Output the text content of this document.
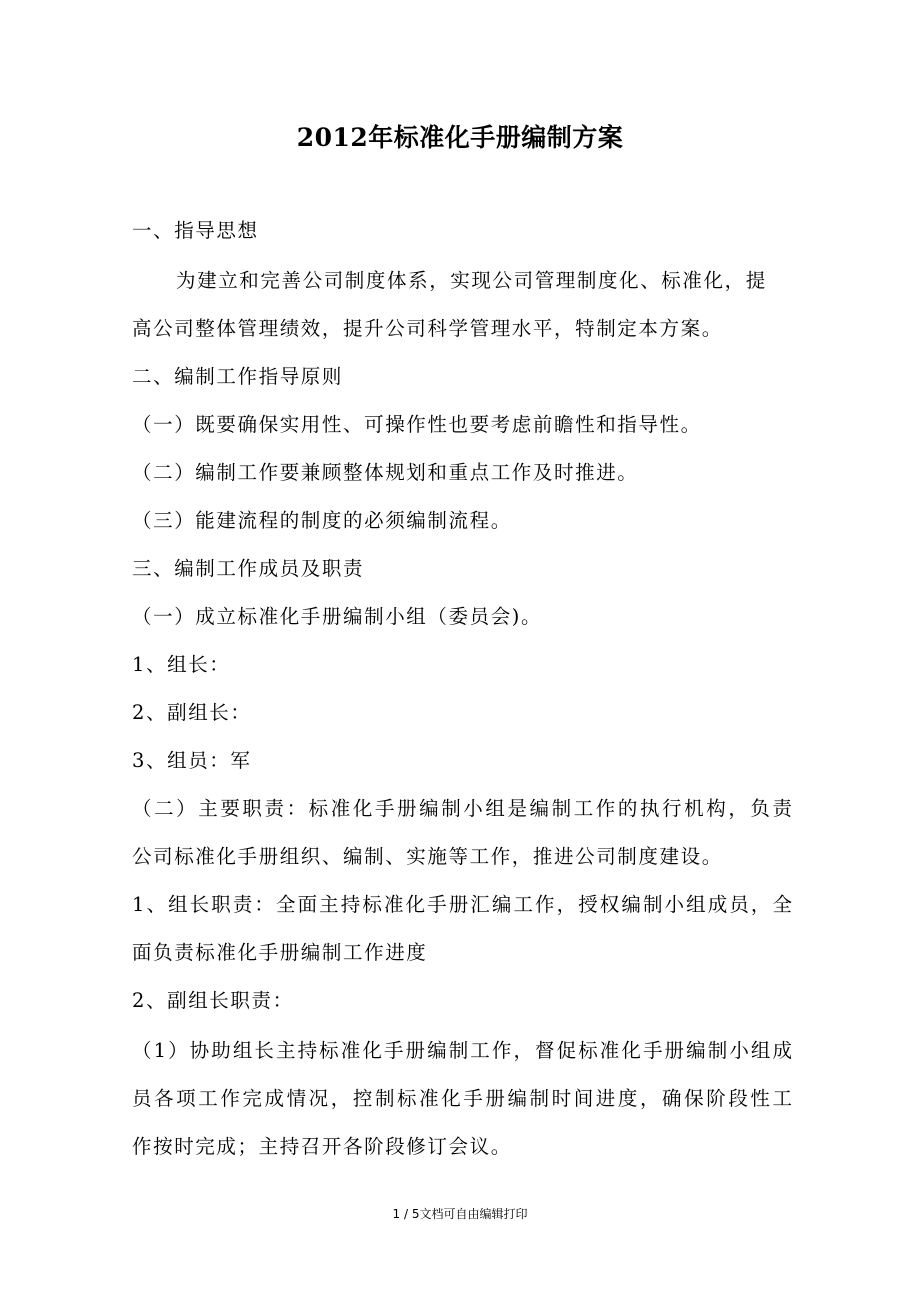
2012年标准化手册编制方案
一、指导思想
为建立和完善公司制度体系，实现公司管理制度化、标准化，提
高公司整体管理绩效，提升公司科学管理水平，特制定本方案。
二、编制工作指导原则
（一）既要确保实用性、可操作性也要考虑前瞻性和指导性。
（二）编制工作要兼顾整体规划和重点工作及时推进。
（三）能建流程的制度的必须编制流程。
三、编制工作成员及职责
（一）成立标准化手册编制小组（委员会)。
1、组长：
2、副组长：
3、组员：军
（二）主要职责：标准化手册编制小组是编制工作的执行机构，负责
公司标准化手册组织、编制、实施等工作，推进公司制度建设。
1、组长职责：全面主持标准化手册汇编工作，授权编制小组成员，全
面负责标准化手册编制工作进度
2、副组长职责：
（1）协助组长主持标准化手册编制工作，督促标准化手册编制小组成
员各项工作完成情况，控制标准化手册编制时间进度，确保阶段性工
作按时完成；主持召开各阶段修订会议。
1 / 5文档可自由编辑打印
